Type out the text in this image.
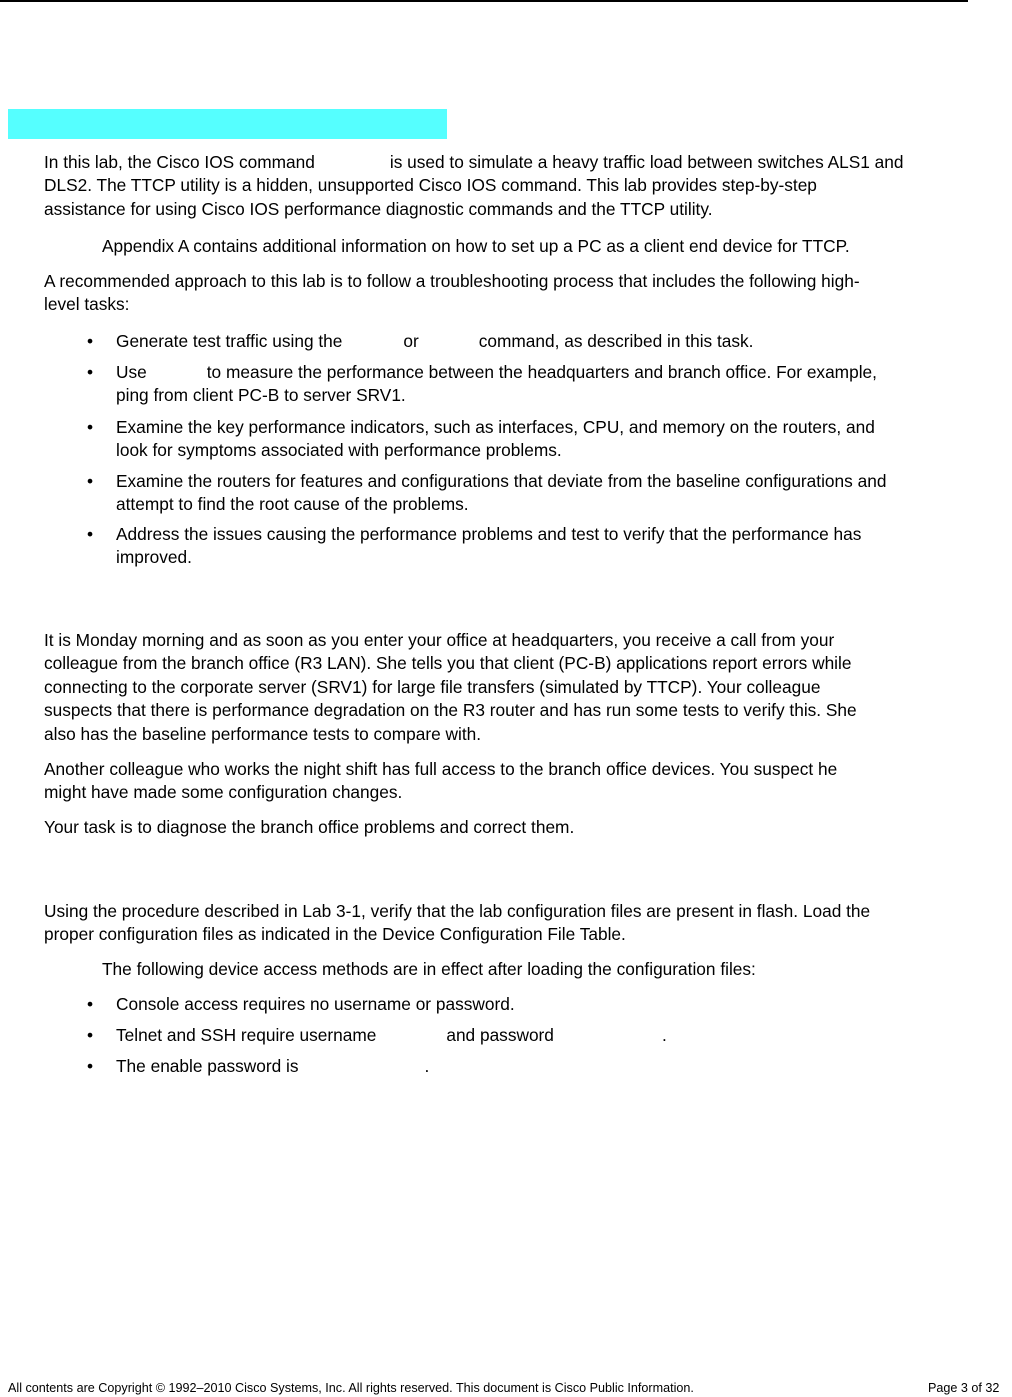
In this lab, the Cisco IOS command	is used to simulate a heavy traffic load between switches ALS1 and
DLS2. The TTCP utility is a hidden, unsupported Cisco IOS command. This lab provides step-by-step
assistance for using Cisco IOS performance diagnostic commands and the TTCP utility.

Appendix A contains additional information on how to set up a PC as a client end device for TTCP.

A recommended approach to this lab is to follow a troubleshooting process that includes the following high-
level tasks:

• Generate test traffic using the	or	command, as described in this task.
• Use	to measure the performance between the headquarters and branch office. For example,
ping from client PC-B to server SRV1.
• Examine the key performance indicators, such as interfaces, CPU, and memory on the routers, and
look for symptoms associated with performance problems.
• Examine the routers for features and configurations that deviate from the baseline configurations and
attempt to find the root cause of the problems.
• Address the issues causing the performance problems and test to verify that the performance has
improved.

It is Monday morning and as soon as you enter your office at headquarters, you receive a call from your
colleague from the branch office (R3 LAN). She tells you that client (PC-B) applications report errors while
connecting to the corporate server (SRV1) for large file transfers (simulated by TTCP). Your colleague
suspects that there is performance degradation on the R3 router and has run some tests to verify this. She
also has the baseline performance tests to compare with.

Another colleague who works the night shift has full access to the branch office devices. You suspect he
might have made some configuration changes.

Your task is to diagnose the branch office problems and correct them.

Using the procedure described in Lab 3-1, verify that the lab configuration files are present in flash. Load the
proper configuration files as indicated in the Device Configuration File Table.

The following device access methods are in effect after loading the configuration files:

• Console access requires no username or password.
• Telnet and SSH require username	and password	.
• The enable password is	.
All contents are Copyright © 1992–2010 Cisco Systems, Inc. All rights reserved. This document is Cisco Public Information.	Page 3 of 32
